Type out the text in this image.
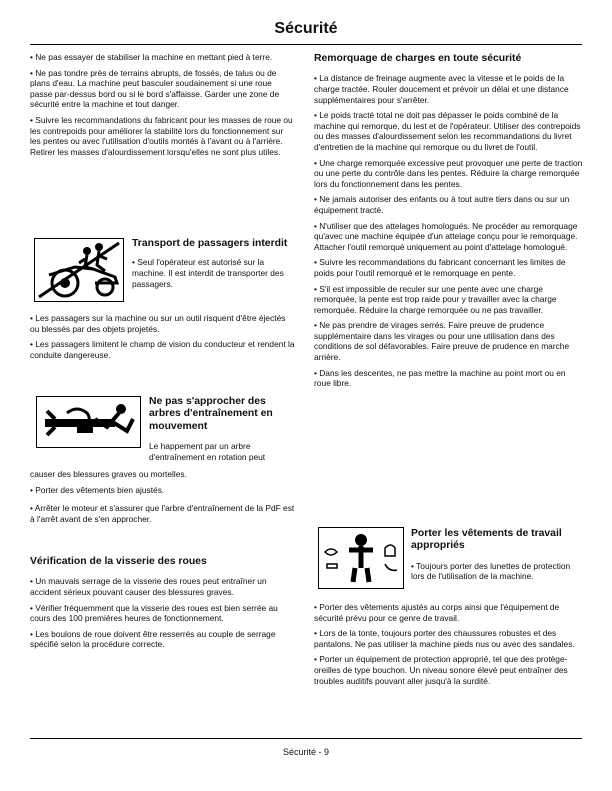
Sécurité

• Ne pas essayer de stabiliser la machine en mettant pied à terre.

• Ne pas tondre près de terrains abrupts, de fossés, de talus ou de plans d'eau. La machine peut basculer soudainement si une roue passe par-dessus bord ou si le bord s'affaisse. Garder une zone de sécurité entre la machine et tout danger.

• Suivre les recommandations du fabricant pour les masses de roue ou les contrepoids pour améliorer la stabilité lors du fonctionnement sur les pentes ou avec l'utilisation d'outils montés à l'avant ou à l'arrière. Retirer les masses d'alourdissement lorsqu'elles ne sont plus utiles.

Transport de passagers interdit

• Seul l'opérateur est autorisé sur la machine. Il est interdit de transporter des passagers.

• Les passagers sur la machine ou sur un outil risquent d'être éjectés ou blessés par des objets projetés.

• Les passagers limitent le champ de vision du conducteur et rendent la conduite dangereuse.

Ne pas s'approcher des arbres d'entraînement en mouvement

Le happement par un arbre d'entraînement en rotation peut

causer des blessures graves ou mortelles.

• Porter des vêtements bien ajustés.

• Arrêter le moteur et s'assurer que l'arbre d'entraînement de la PdF est à l'arrêt avant de s'en approcher.

Vérification de la visserie des roues

• Un mauvais serrage de la visserie des roues peut entraîner un accident sérieux pouvant causer des blessures graves.

• Vérifier fréquemment que la visserie des roues est bien serrée au cours des 100 premières heures de fonctionnement.

• Les boulons de roue doivent être resserrés au couple de serrage spécifié selon la procédure correcte.

Remorquage de charges en toute sécurité

• La distance de freinage augmente avec la vitesse et le poids de la charge tractée. Rouler doucement et prévoir un délai et une distance supplémentaires pour s'arrêter.

• Le poids tracté total ne doit pas dépasser le poids combiné de la machine qui remorque, du lest et de l'opérateur. Utiliser des contrepoids ou des masses d'alourdissement selon les recommandations du livret d'entretien de la machine qui remorque ou du livret de l'outil.

• Une charge remorquée excessive peut provoquer une perte de traction ou une perte du contrôle dans les pentes. Réduire la charge remorquée lors du fonctionnement dans les pentes.

• Ne jamais autoriser des enfants ou à tout autre tiers dans ou sur un équipement tracté.

• N'utiliser que des attelages homologués. Ne procéder au remorquage qu'avec une machine équipée d'un attelage conçu pour le remorquage. Attacher l'outil remorqué uniquement au point d'attelage homologué.

• Suivre les recommandations du fabricant concernant les limites de poids pour l'outil remorqué et le remorquage en pente.

• S'il est impossible de reculer sur une pente avec une charge remorquée, la pente est trop raide pour y travailler avec la charge remorquée. Réduire la charge remorquée ou ne pas travailler.

• Ne pas prendre de virages serrés. Faire preuve de prudence supplémentaire dans les virages ou pour une utilisation dans des conditions de sol défavorables. Faire preuve de prudence en marche arrière.

• Dans les descentes, ne pas mettre la machine au point mort ou en roue libre.

Porter les vêtements de travail appropriés

• Toujours porter des lunettes de protection lors de l'utilisation de la machine.

• Porter des vêtements ajustés au corps ainsi que l'équipement de sécurité prévu pour ce genre de travail.

• Lors de la tonte, toujours porter des chaussures robustes et des pantalons. Ne pas utiliser la machine pieds nus ou avec des sandales.

• Porter un équipement de protection approprié, tel que des protège-oreilles de type bouchon. Un niveau sonore élevé peut entraîner des troubles auditifs pouvant aller jusqu'à la surdité.

Sécurité - 9
